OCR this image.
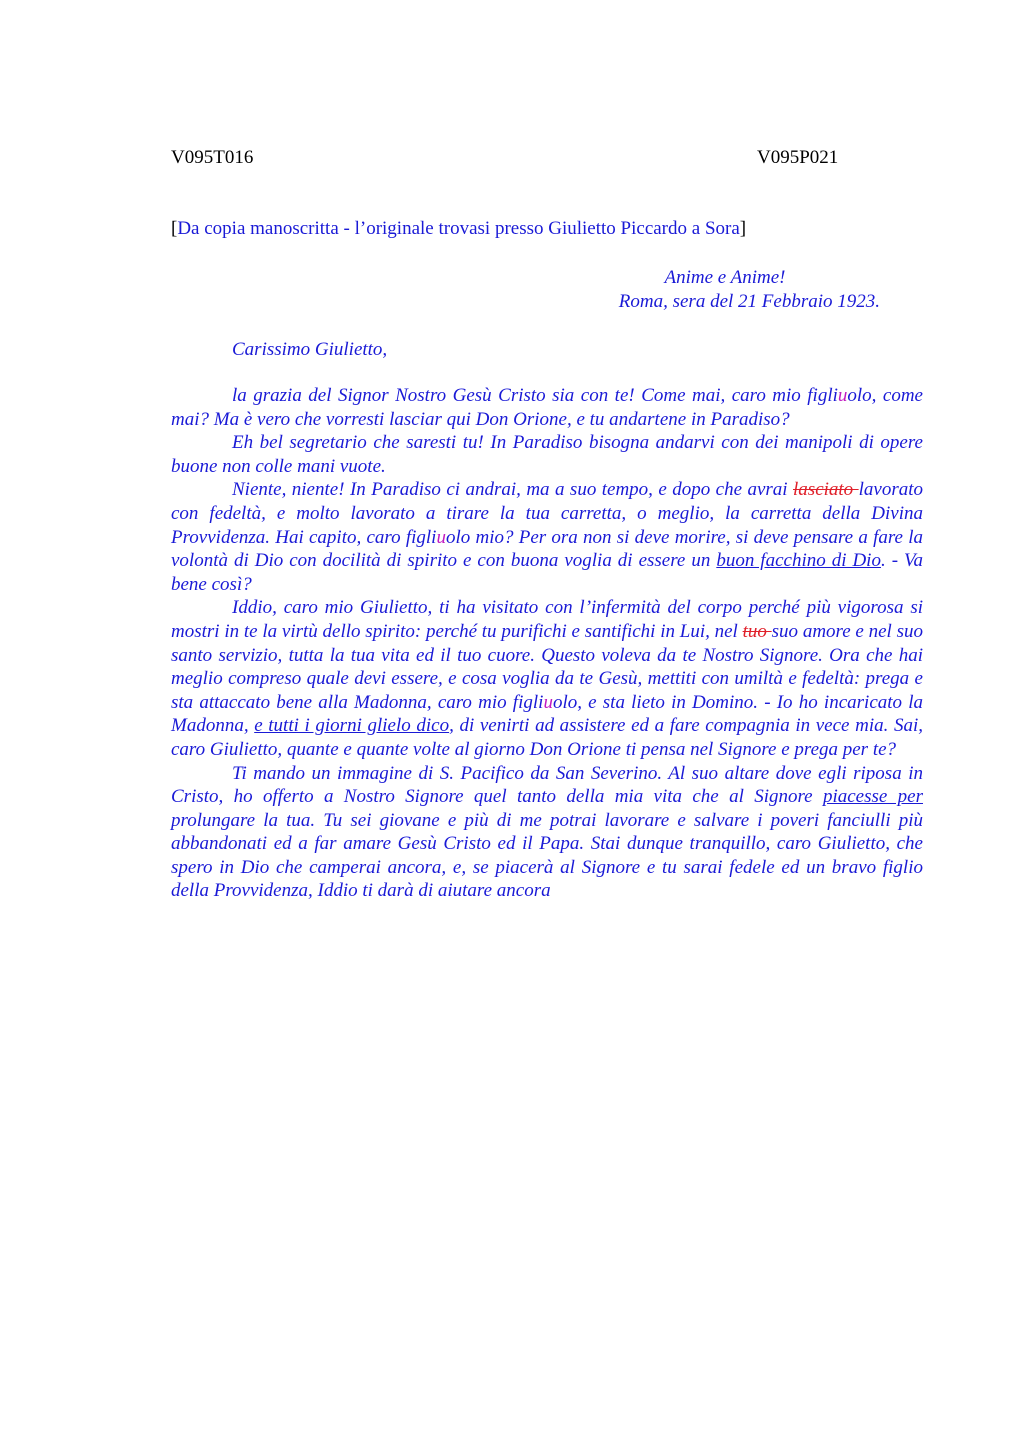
V095T016	V095P021
[Da copia manoscritta - l’originale trovasi presso Giulietto Piccardo a Sora]
Anime e Anime!
Roma, sera del 21 Febbraio 1923.
Carissimo Giulietto,

la grazia del Signor Nostro Gesù Cristo sia con te! Come mai, caro mio figliuolo, come mai? Ma è vero che vorresti lasciar qui Don Orione, e tu andartene in Paradiso?

Eh bel segretario che saresti tu! In Paradiso bisogna andarvi con dei manipoli di opere buone non colle mani vuote.

Niente, niente! In Paradiso ci andrai, ma a suo tempo, e dopo che avrai lasciato lavorato con fedeltà, e molto lavorato a tirare la tua carretta, o meglio, la carretta della Divina Provvidenza. Hai capito, caro figliuolo mio? Per ora non si deve morire, si deve pensare a fare la volontà di Dio con docilità di spirito e con buona voglia di essere un buon facchino di Dio. - Va bene così?

Iddio, caro mio Giulietto, ti ha visitato con l’infermità del corpo perché più vigorosa si mostri in te la virtù dello spirito: perché tu purifichi e santifichi in Lui, nel tuo suo amore e nel suo santo servizio, tutta la tua vita ed il tuo cuore. Questo voleva da te Nostro Signore. Ora che hai meglio compreso quale devi essere, e cosa voglia da te Gesù, mettiti con umiltà e fedeltà: prega e sta attaccato bene alla Madonna, caro mio figliuolo, e sta lieto in Domino. - Io ho incaricato la Madonna, e tutti i giorni glielo dico, di venirti ad assistere ed a fare compagnia in vece mia. Sai, caro Giulietto, quante e quante volte al giorno Don Orione ti pensa nel Signore e prega per te?

Ti mando un immagine di S. Pacifico da San Severino. Al suo altare dove egli riposa in Cristo, ho offerto a Nostro Signore quel tanto della mia vita che al Signore piacesse per prolungare la tua. Tu sei giovane e più di me potrai lavorare e salvare i poveri fanciulli più abbandonati ed a far amare Gesù Cristo ed il Papa. Stai dunque tranquillo, caro Giulietto, che spero in Dio che camperai ancora, e, se piacerà al Signore e tu sarai fedele ed un bravo figlio della Provvidenza, Iddio ti darà di aiutare ancora
